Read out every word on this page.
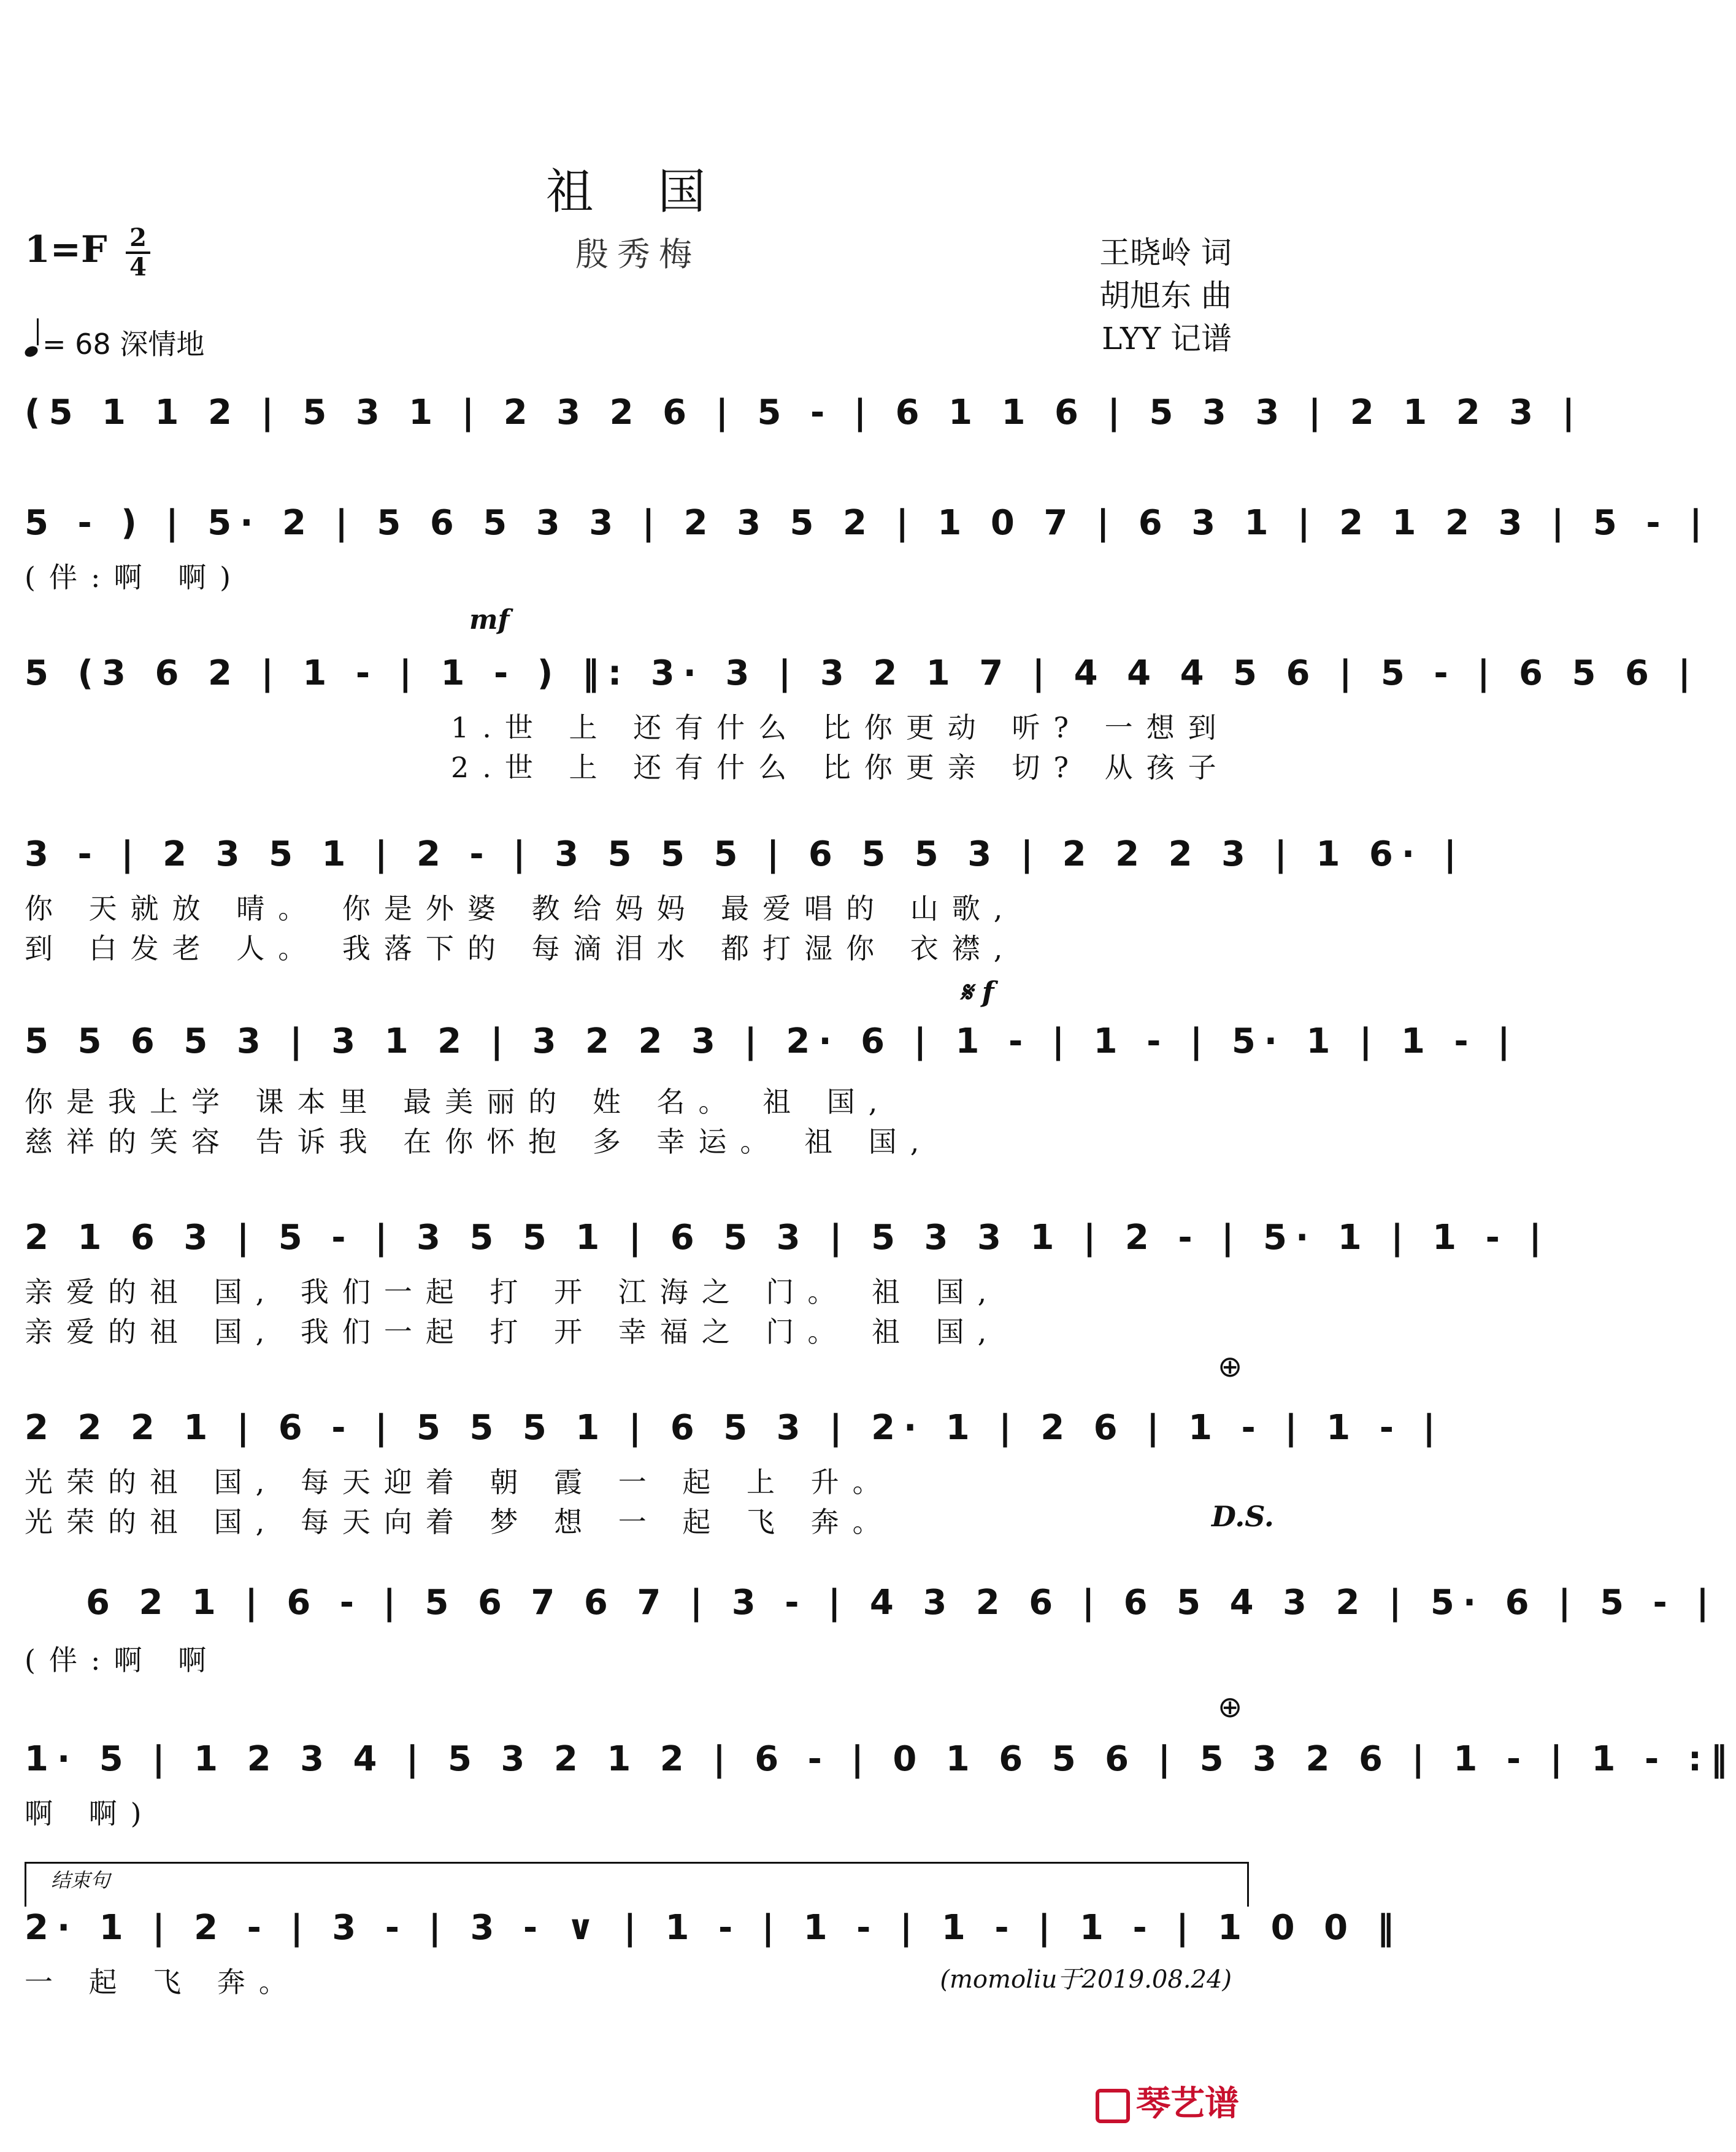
祖 国
殷秀梅
1=F 2
4	王晓岭 词
胡旭东 曲
LYY 记谱
= 68 深情地
(5 1 1 2 | 5 3 1 | 2 3 2 6 | 5 - | 6 1 1 6 | 5 3 3 | 2 1 2 3 |
5 - ) | 5· 2 | 5 6 5 3 3 | 2 3 5 2 | 1 0 7 | 6 3 1 | 2 1 2 3 | 5 - |
(伴:啊 啊)
mf
5 (3 6 2 | 1 - | 1 - ) ‖: 3· 3 | 3 2 1 7 | 4 4 4 5 6 | 5 - | 6 5 6 |
1.世 上 还有什么 比你更动 听? 一想到
2.世 上 还有什么 比你更亲 切? 从孩子
3 - | 2 3 5 1 | 2 - | 3 5 5 5 | 6 5 5 3 | 2 2 2 3 | 1 6· |
你 天就放 晴。 你是外婆 教给妈妈 最爱唱的 山歌,
到 白发老 人。 我落下的 每滴泪水 都打湿你 衣襟,
𝄋 f
5 5 6 5 3 | 3 1 2 | 3 2 2 3 | 2· 6 | 1 - | 1 - | 5· 1 | 1 - |
你是我上学 课本里 最美丽的 姓 名。 祖 国,
慈祥的笑容 告诉我 在你怀抱 多 幸运。 祖 国,
2 1 6 3 | 5 - | 3 5 5 1 | 6 5 3 | 5 3 3 1 | 2 - | 5· 1 | 1 - |
亲爱的祖 国, 我们一起 打 开 江海之 门。 祖 国,
亲爱的祖 国, 我们一起 打 开 幸福之 门。 祖 国,
⊕
2 2 2 1 | 6 - | 5 5 5 1 | 6 5 3 | 2· 1 | 2 6 | 1 - | 1 - |
光荣的祖 国, 每天迎着 朝 霞 一 起 上 升。
光荣的祖 国, 每天向着 梦 想 一 起 飞 奔。	D.S.
6 2 1 | 6 - | 5 6 7 6 7 | 3 - | 4 3 2 6 | 6 5 4 3 2 | 5· 6 | 5 - |
(伴:啊 啊
⊕
1· 5 | 1 2 3 4 | 5 3 2 1 2 | 6 - | 0 1 6 5 6 | 5 3 2 6 | 1 - | 1 - :‖
啊 啊)
结束句
2· 1 | 2 - | 3 - | 3 - ∨ | 1 - | 1 - | 1 - | 1 - | 1 0 0 ‖
一 起 飞 奔。	(momoliu于2019.08.24)
琴艺谱
